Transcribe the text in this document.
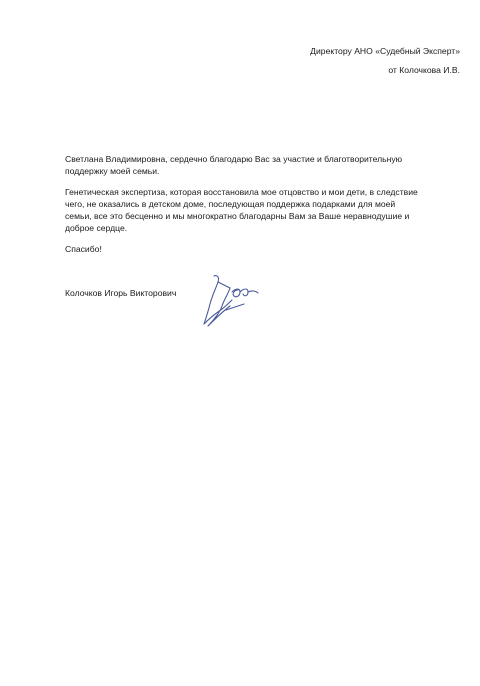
Директору АНО «Судебный Эксперт»
от Колочкова И.В.

Светлана Владимировна, сердечно благодарю Вас за участие и благотворительную поддержку моей семьи.

Генетическая экспертиза, которая восстановила мое отцовство и мои дети, в следствие чего, не оказались в детском доме, последующая поддержка подарками для моей семьи, все это бесценно и мы многократно благодарны Вам за Ваше неравнодушие и доброе сердце.

Спасибо!

Колочков Игорь Викторович
